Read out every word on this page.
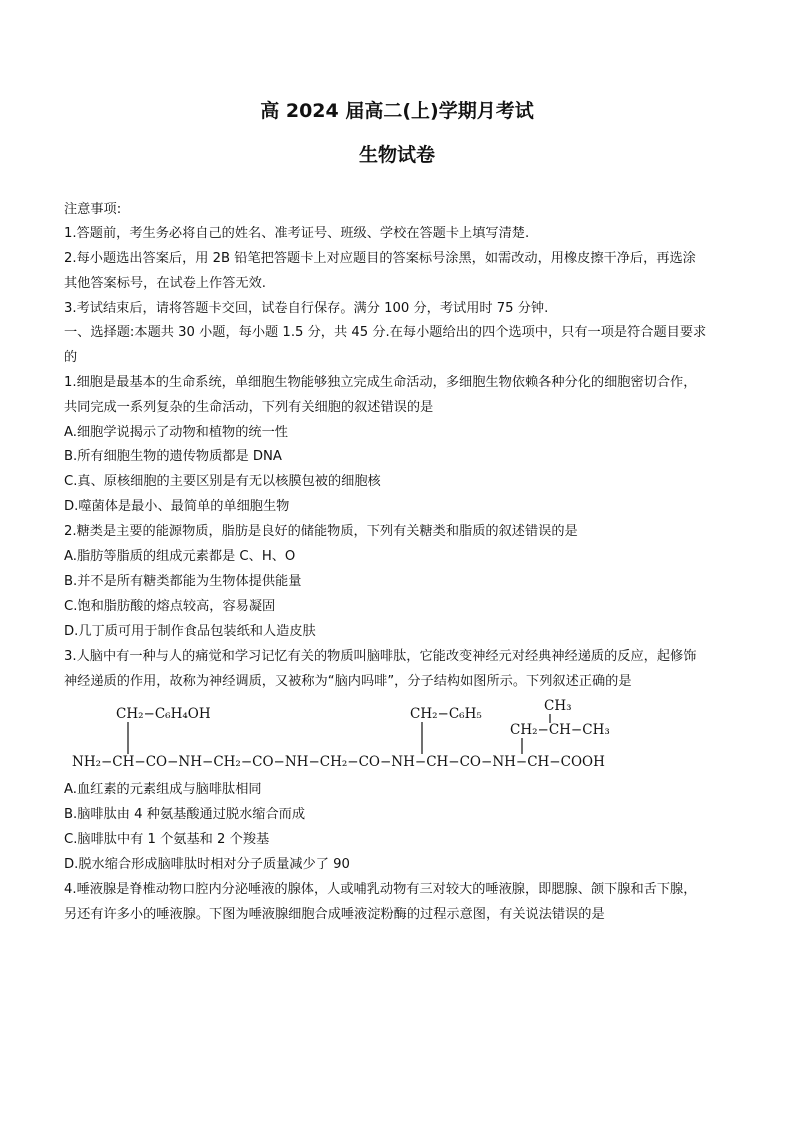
高 2024 届高二(上)学期月考试
生物试卷
注意事项:
1.答题前，考生务必将自己的姓名、准考证号、班级、学校在答题卡上填写清楚.
2.每小题选出答案后，用 2B 铅笔把答题卡上对应题目的答案标号涂黑，如需改动，用橡皮擦干净后，再选涂
其他答案标号，在试卷上作答无效.
3.考试结束后，请将答题卡交回，试卷自行保存。满分 100 分，考试用时 75 分钟.
一、选择题:本题共 30 小题，每小题 1.5 分，共 45 分.在每小题给出的四个选项中，只有一项是符合题目要求
的
1.细胞是最基本的生命系统，单细胞生物能够独立完成生命活动，多细胞生物依赖各种分化的细胞密切合作，
共同完成一系列复杂的生命活动，下列有关细胞的叙述错误的是
A.细胞学说揭示了动物和植物的统一性
B.所有细胞生物的遗传物质都是 DNA
C.真、原核细胞的主要区别是有无以核膜包被的细胞核
D.噬菌体是最小、最简单的单细胞生物
2.糖类是主要的能源物质，脂肪是良好的储能物质，下列有关糖类和脂质的叙述错误的是
A.脂肪等脂质的组成元素都是 C、H、O
B.并不是所有糖类都能为生物体提供能量
C.饱和脂肪酸的熔点较高，容易凝固
D.几丁质可用于制作食品包装纸和人造皮肤
3.人脑中有一种与人的痛觉和学习记忆有关的物质叫脑啡肽，它能改变神经元对经典神经递质的反应，起修饰
神经递质的作用，故称为神经调质，又被称为“脑内吗啡”，分子结构如图所示。下列叙述正确的是
CH₂−C₆H₄OH	CH₂−C₆H₅	CH₃
CH₂−CH−CH₃
NH₂−CH−CO−NH−CH₂−CO−NH−CH₂−CO−NH−CH−CO−NH−CH−COOH
A.血红素的元素组成与脑啡肽相同
B.脑啡肽由 4 种氨基酸通过脱水缩合而成
C.脑啡肽中有 1 个氨基和 2 个羧基
D.脱水缩合形成脑啡肽时相对分子质量减少了 90
4.唾液腺是脊椎动物口腔内分泌唾液的腺体，人或哺乳动物有三对较大的唾液腺，即腮腺、颌下腺和舌下腺，
另还有许多小的唾液腺。下图为唾液腺细胞合成唾液淀粉酶的过程示意图，有关说法错误的是
